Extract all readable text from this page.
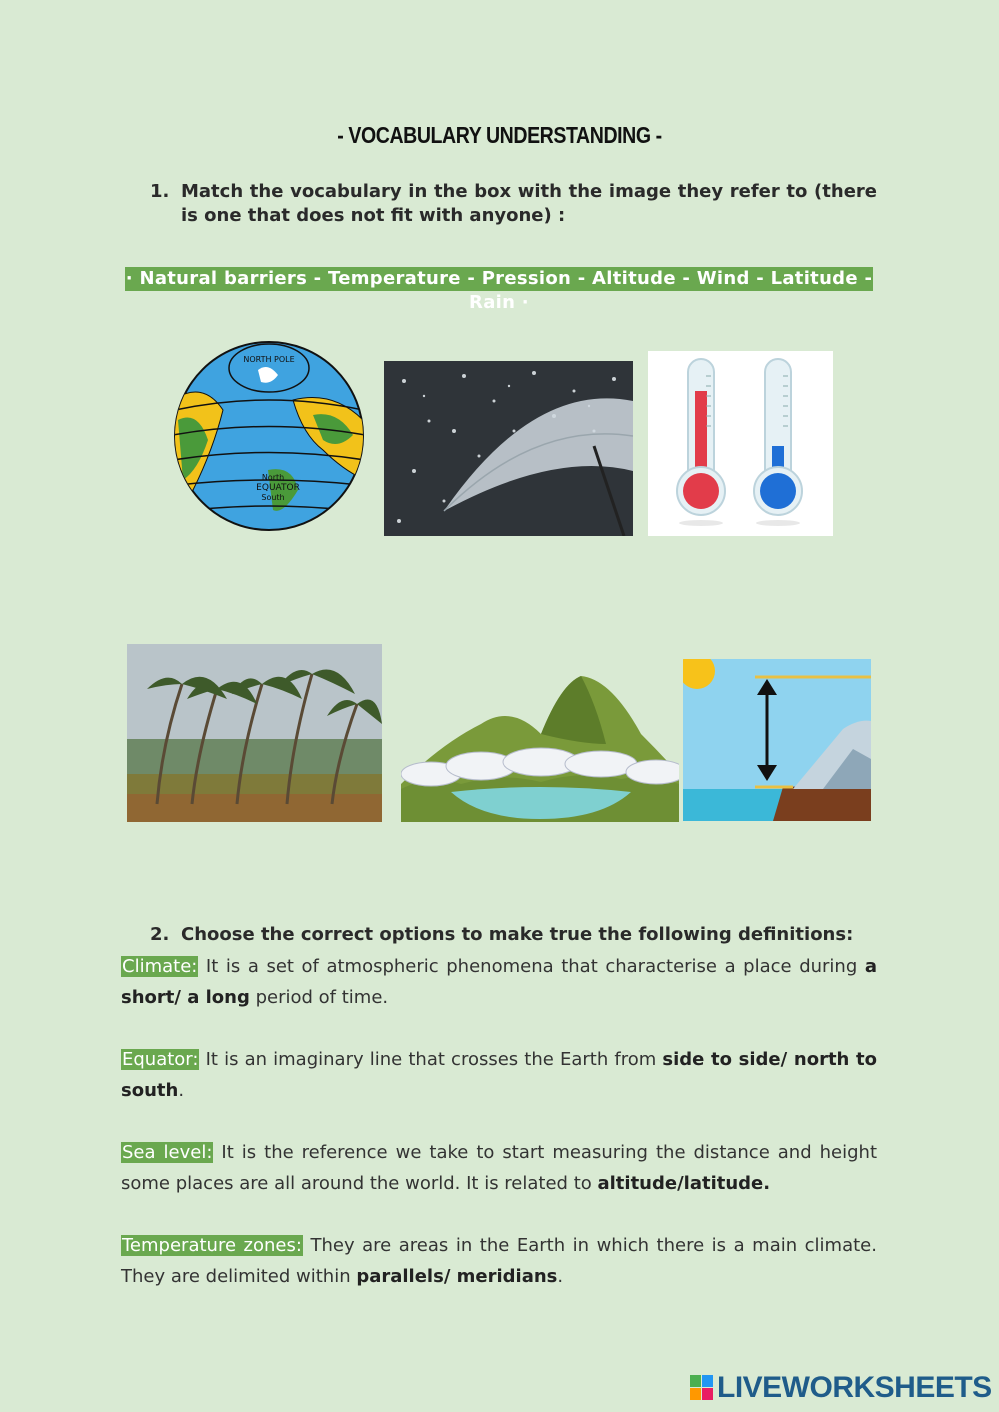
- VOCABULARY UNDERSTANDING -
1. Match the vocabulary in the box with the image they refer to (there is one that does not fit with anyone) :
· Natural barriers - Temperature - Pression - Altitude - Wind - Latitude - Rain ·
NORTH POLE
North
EQUATOR
South
2. Choose the correct options to make true the following definitions:
Climate: It is a set of atmospheric phenomena that characterise a place during a short/ a long period of time.
Equator: It is an imaginary line that crosses the Earth from side to side/ north to south.
Sea level: It is the reference we take to start measuring the distance and height some places are all around the world. It is related to altitude/latitude.
Temperature zones: They are areas in the Earth in which there is a main climate. They are delimited within parallels/ meridians.
LIVEWORKSHEETS
